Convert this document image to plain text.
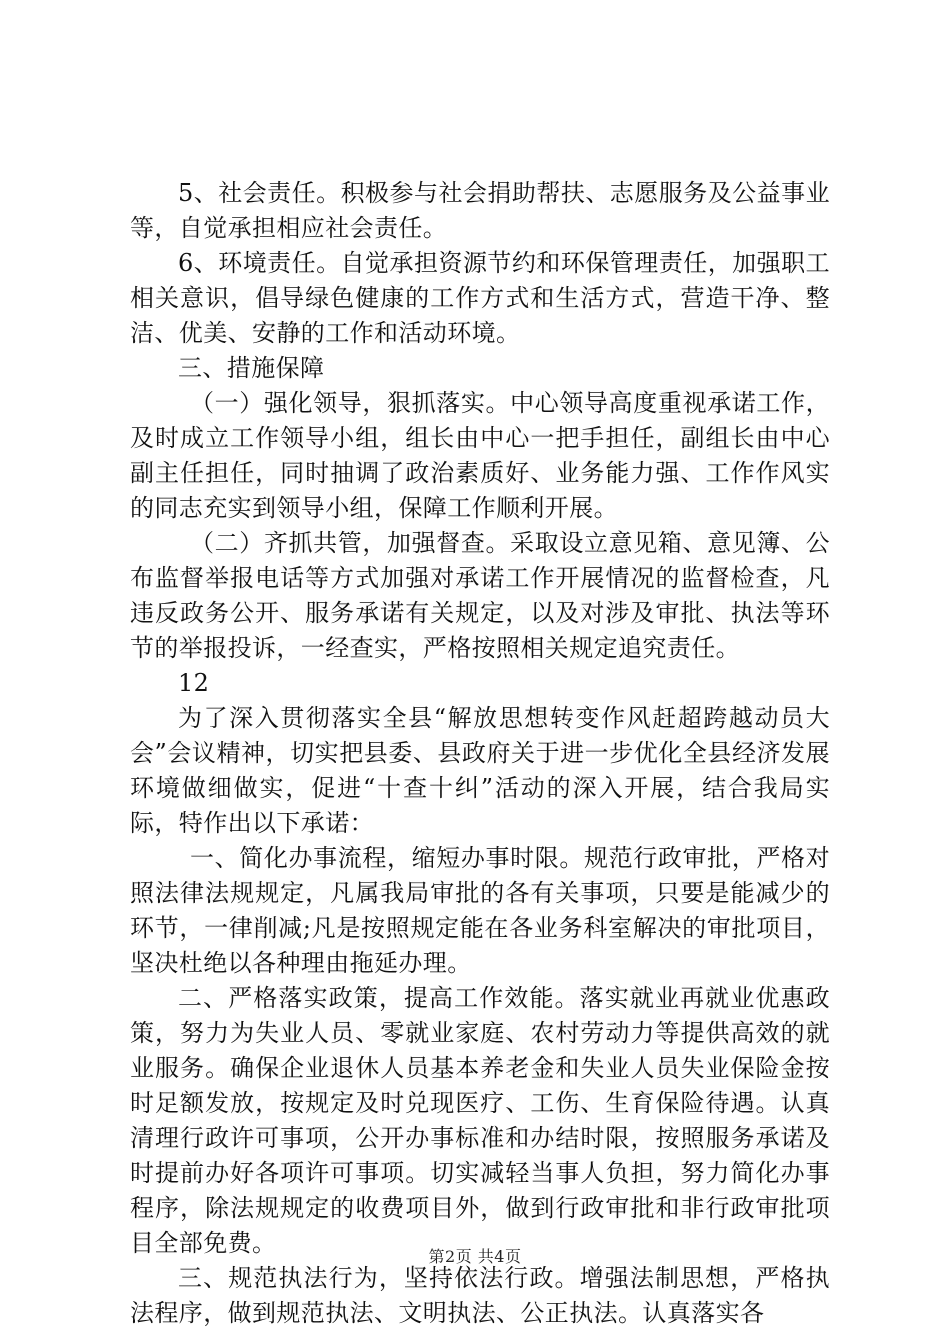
5、社会责任。积极参与社会捐助帮扶、志愿服务及公益事业等，自觉承担相应社会责任。

6、环境责任。自觉承担资源节约和环保管理责任，加强职工相关意识，倡导绿色健康的工作方式和生活方式，营造干净、整洁、优美、安静的工作和活动环境。

三、措施保障

（一）强化领导，狠抓落实。中心领导高度重视承诺工作，及时成立工作领导小组，组长由中心一把手担任，副组长由中心副主任担任，同时抽调了政治素质好、业务能力强、工作作风实的同志充实到领导小组，保障工作顺利开展。

（二）齐抓共管，加强督查。采取设立意见箱、意见簿、公布监督举报电话等方式加强对承诺工作开展情况的监督检查，凡违反政务公开、服务承诺有关规定，以及对涉及审批、执法等环节的举报投诉，一经查实，严格按照相关规定追究责任。

12

为了深入贯彻落实全县“解放思想转变作风赶超跨越动员大会”会议精神，切实把县委、县政府关于进一步优化全县经济发展环境做细做实，促进“十查十纠”活动的深入开展，结合我局实际，特作出以下承诺：

一、简化办事流程，缩短办事时限。规范行政审批，严格对照法律法规规定，凡属我局审批的各有关事项，只要是能减少的环节，一律削减;凡是按照规定能在各业务科室解决的审批项目，坚决杜绝以各种理由拖延办理。

二、严格落实政策，提高工作效能。落实就业再就业优惠政策，努力为失业人员、零就业家庭、农村劳动力等提供高效的就业服务。确保企业退休人员基本养老金和失业人员失业保险金按时足额发放，按规定及时兑现医疗、工伤、生育保险待遇。认真清理行政许可事项，公开办事标准和办结时限，按照服务承诺及时提前办好各项许可事项。切实减轻当事人负担，努力简化办事程序，除法规规定的收费项目外，做到行政审批和非行政审批项目全部免费。

三、规范执法行为，坚持依法行政。增强法制思想，严格执法程序，做到规范执法、文明执法、公正执法。认真落实各

第2页 共4页
